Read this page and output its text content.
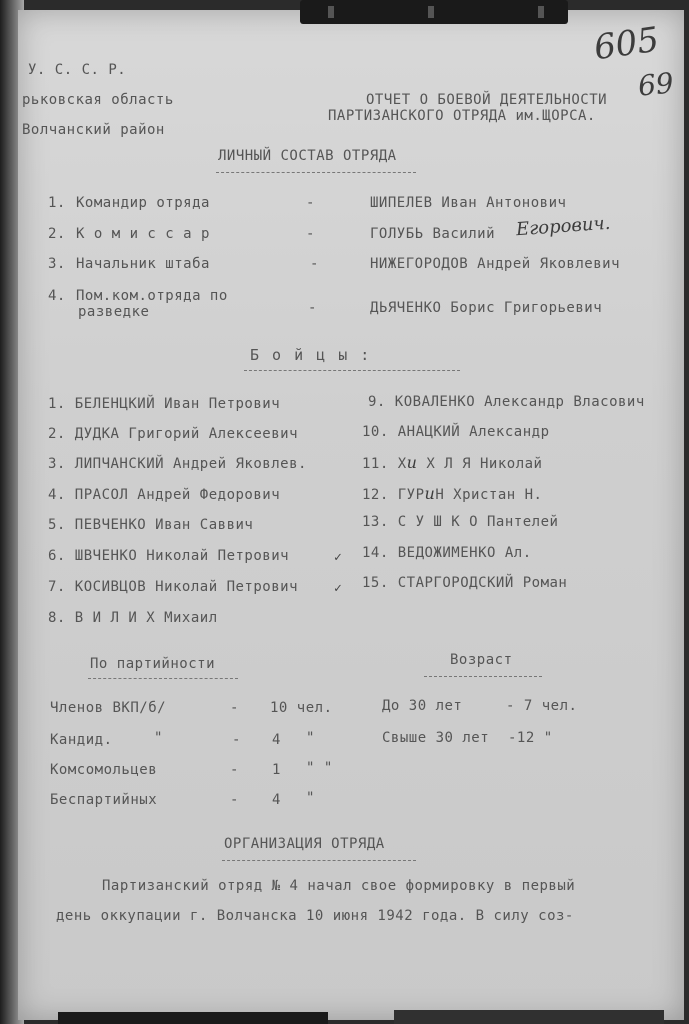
605
69
У. С. С. Р.
рьковская область
Волчанский район
ОТЧЕТ О БОЕВОЙ ДЕЯТЕЛЬНОСТИ
ПАРТИЗАНСКОГО ОТРЯДА им.ЩОРСА.
ЛИЧНЫЙ СОСТАВ ОТРЯДА
1. Командир отряда	-	ШИПЕЛЕВ Иван Антонович
2. К о м и с с а р	-	ГОЛУБЬ Василий Егорович.
3. Начальник штаба	-	НИЖЕГОРОДОВ Андрей Яковлевич
4. Пом.ком.отряда по
разведке	-	ДЬЯЧЕНКО Борис Григорьевич
Б о й ц ы :
1. БЕЛЕНЦКИЙ Иван Петрович
2. ДУДКА Григорий Алексеевич
3. ЛИПЧАНСКИЙ Андрей Яковлев.
4. ПРАСОЛ Андрей Федорович
5. ПЕВЧЕНКО Иван Саввич
6. ШВЧЕНКО Николай Петрович	✓
7. КОСИВЦОВ Николай Петрович	✓
8. В И Л И Х Михаил
9. КОВАЛЕНКО Александр Власович
10. АНАЦКИЙ Александр
11. Хи Х Л Я Николай
12. ГУРиН Христан Н.
13. С У Ш К О Пантелей
14. ВЕДОЖИМЕНКО Ал.
15. СТАРГОРОДСКИЙ Роман
По партийности
Членов ВКП/б/	- 10 чел.
Кандид.	"	- 4 "
Комсомольцев	- 1 " "
Беспартийных	- 4 "
Возраст
До 30 лет	- 7 чел.
Свыше 30 лет -12 "
ОРГАНИЗАЦИЯ ОТРЯДА
Партизанский отряд № 4 начал свое формировку в первый
день оккупации г. Волчанска 10 июня 1942 года. В силу соз-
